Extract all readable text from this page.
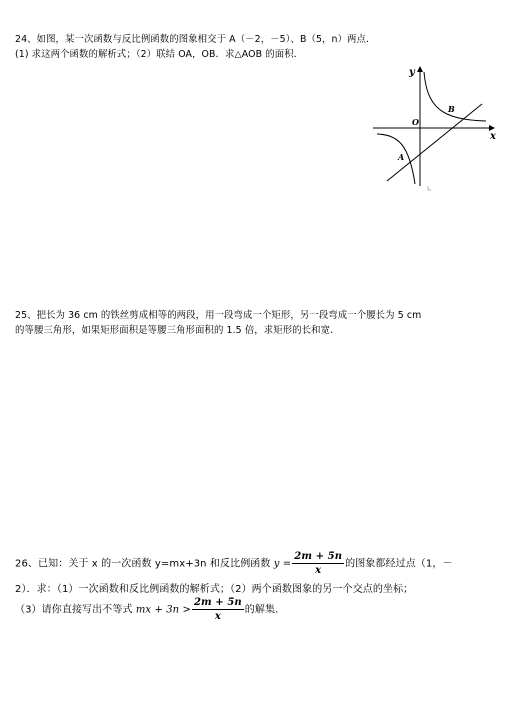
24、如图，某一次函数与反比例函数的图象相交于 A（－2，－5）、B（5，n）两点．
(1) 求这两个函数的解析式；（2）联结 OA，OB．求△AOB 的面积．
y
x
O
B
A
25、把长为 36 cm 的铁丝剪成相等的两段，用一段弯成一个矩形，另一段弯成一个腰长为 5 cm
的等腰三角形，如果矩形面积是等腰三角形面积的 1.5 倍，求矩形的长和宽.
26、已知：关于 x 的一次函数 y=mx+3n 和反比例函数 $y = \frac{2m + 5n}{x}$ 的图象都经过点（1，－
2）．求：（1）一次函数和反比例函数的解析式；（2）两个函数图象的另一个交点的坐标；
（3）请你直接写出不等式 mx + $3n > \frac{2m + 5n}{x}$ 的解集．
